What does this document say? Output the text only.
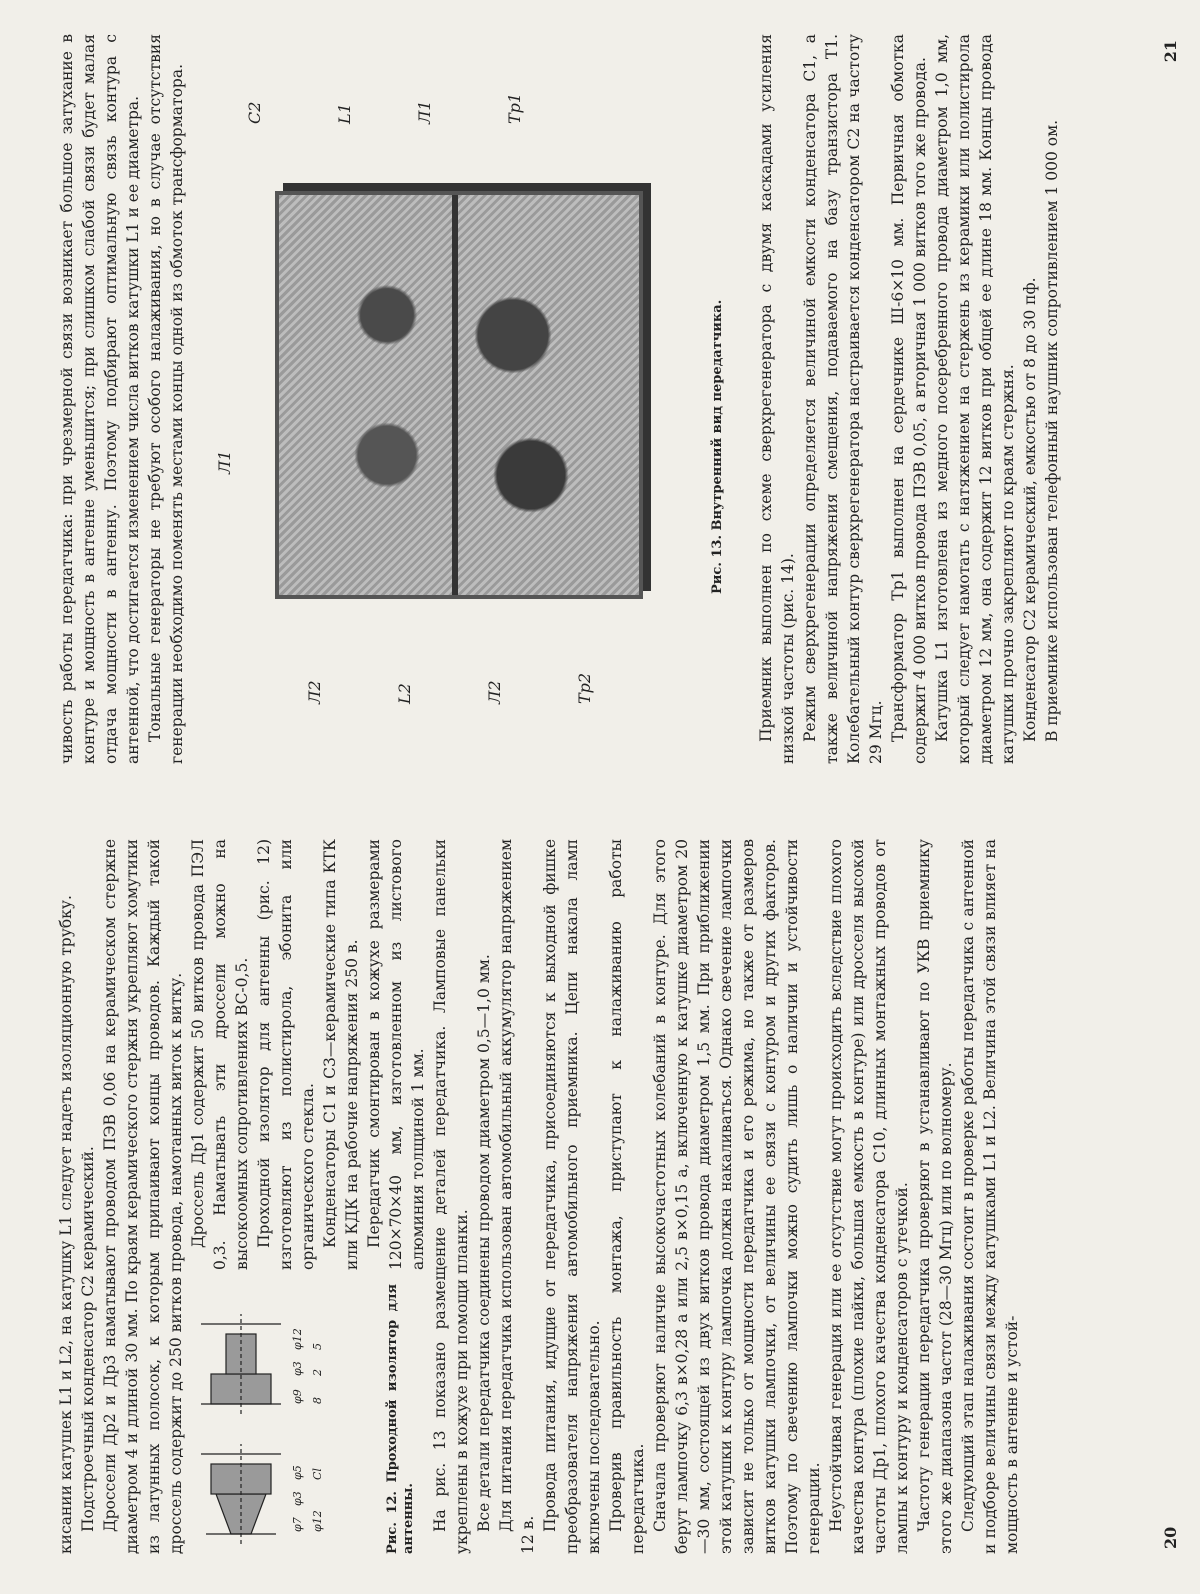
кисании катушек L1 и L2, на катушку L1 следует надеть изоляционную трубку. Подстроечный конденсатор С2 керамический. Дроссели Др2 и Др3 наматывают проводом ПЭВ 0,06 на керамическом стержне диаметром 4 и длиной 30 мм. По краям керамического стержня укрепляют хомутики из латунных полосок, к которым припаивают концы проводов. Каждый такой дроссель содержит до 250 витков провода, намотанных виток к витку.	φ7
φ3
φ5
φ12
Cl
φ9
φ3
φ12
8
2
5	Рис. 12. Проходной изолятор для антенны.

Дроссель Др1 содержит 50 витков провода ПЭЛ 0,3. Наматывать эти дроссели можно на высокоомных сопротивлениях ВС-0,5. Проходной изолятор для антенны (рис. 12) изготовляют из полистирола, эбонита или органического стекла. Конденсаторы С1 и С3—керамические типа КТК или КДК на рабочие напряжения 250 в. Передатчик смонтирован в кожухе размерами 120×70×40 мм, изготовленном из листового алюминия толщиной 1 мм. На рис. 13 показано размещение деталей передатчика. Ламповые панельки укреплены в кожухе при помощи планки. Все детали передатчика соединены проводом диаметром 0,5—1,0 мм. Для питания передатчика использован автомобильный аккумулятор напряжением 12 в.

Провода питания, идущие от передатчика, присоединяются к выходной фишке преобразователя напряжения автомобильного приемника. Цепи накала ламп включены последовательно. Проверив правильность монтажа, приступают к налаживанию работы передатчика. Сначала проверяют наличие высокочастотных колебаний в контуре. Для этого берут лампочку 6,3 в×0,28 а или 2,5 в×0,15 а, включенную к катушке диаметром 20—30 мм, состоящей из двух витков провода диаметром 1,5 мм. При приближении этой катушки к контуру лампочка должна накаливаться. Однако свечение лампочки зависит не только от мощности передатчика и его режима, но также от размеров витков катушки лампочки, от величины ее связи с контуром и других факторов. Поэтому по свечению лампочки можно судить лишь о наличии и устойчивости генерации. Неустойчивая генерация или ее отсутствие могут происходить вследствие плохого качества контура (плохие пайки, большая емкость в контуре) или дросселя высокой частоты Др1, плохого качества конденсатора С10, длинных монтажных проводов от лампы к контуру и конденсаторов с утечкой. Частоту генерации передатчика проверяют в устанавливают по УКВ приемнику этого же диапазона частот (28—30 Мгц) или по волномеру. Следующий этап налаживания состоит в проверке работы передатчика с антенной и подборе величины связи между катушками L1 и L2. Величина этой связи влияет на мощность в антенне и устой-	20

чивость работы передатчика: при чрезмерной связи возникает большое затухание в контуре и мощность в антенне уменьшится; при слишком слабой связи будет малая отдача мощности в антенну. Поэтому подбирают оптимальную связь контура с антенной, что достигается изменением числа витков катушки L1 и ее диаметра. Тональные генераторы не требуют особого налаживания, но в случае отсутствия генерации необходимо поменять местами концы одной из обмоток трансформатора. Л1
С2	L1	Л1	Тр1
Л2	L2	Л2	Тр2
Рис. 13. Внутренний вид передатчика. Приемник выполнен по схеме сверхрегенератора с двумя каскадами усиления низкой частоты (рис. 14). Режим сверхрегенерации определяется величиной емкости конденсатора С1, а также величиной напряжения смещения, подаваемого на базу транзистора Т1. Колебательный контур сверхрегенератора настраивается конденсатором С2 на частоту 29 Мгц. Трансформатор Тр1 выполнен на сердечнике Ш-6×10 мм. Первичная обмотка содержит 4 000 витков провода ПЭВ 0,05, а вторичная 1 000 витков того же провода. Катушка L1 изготовлена из медного посеребренного провода диаметром 1,0 мм, который следует намотать с натяжением на стержень из керамики или полистирола диаметром 12 мм, она содержит 12 витков при общей ее длине 18 мм. Концы провода катушки прочно закрепляют по краям стержня. Конденсатор С2 керамический, емкостью от 8 до 30 пф. В приемнике использован телефонный наушник сопротивлением 1 000 ом.

21
